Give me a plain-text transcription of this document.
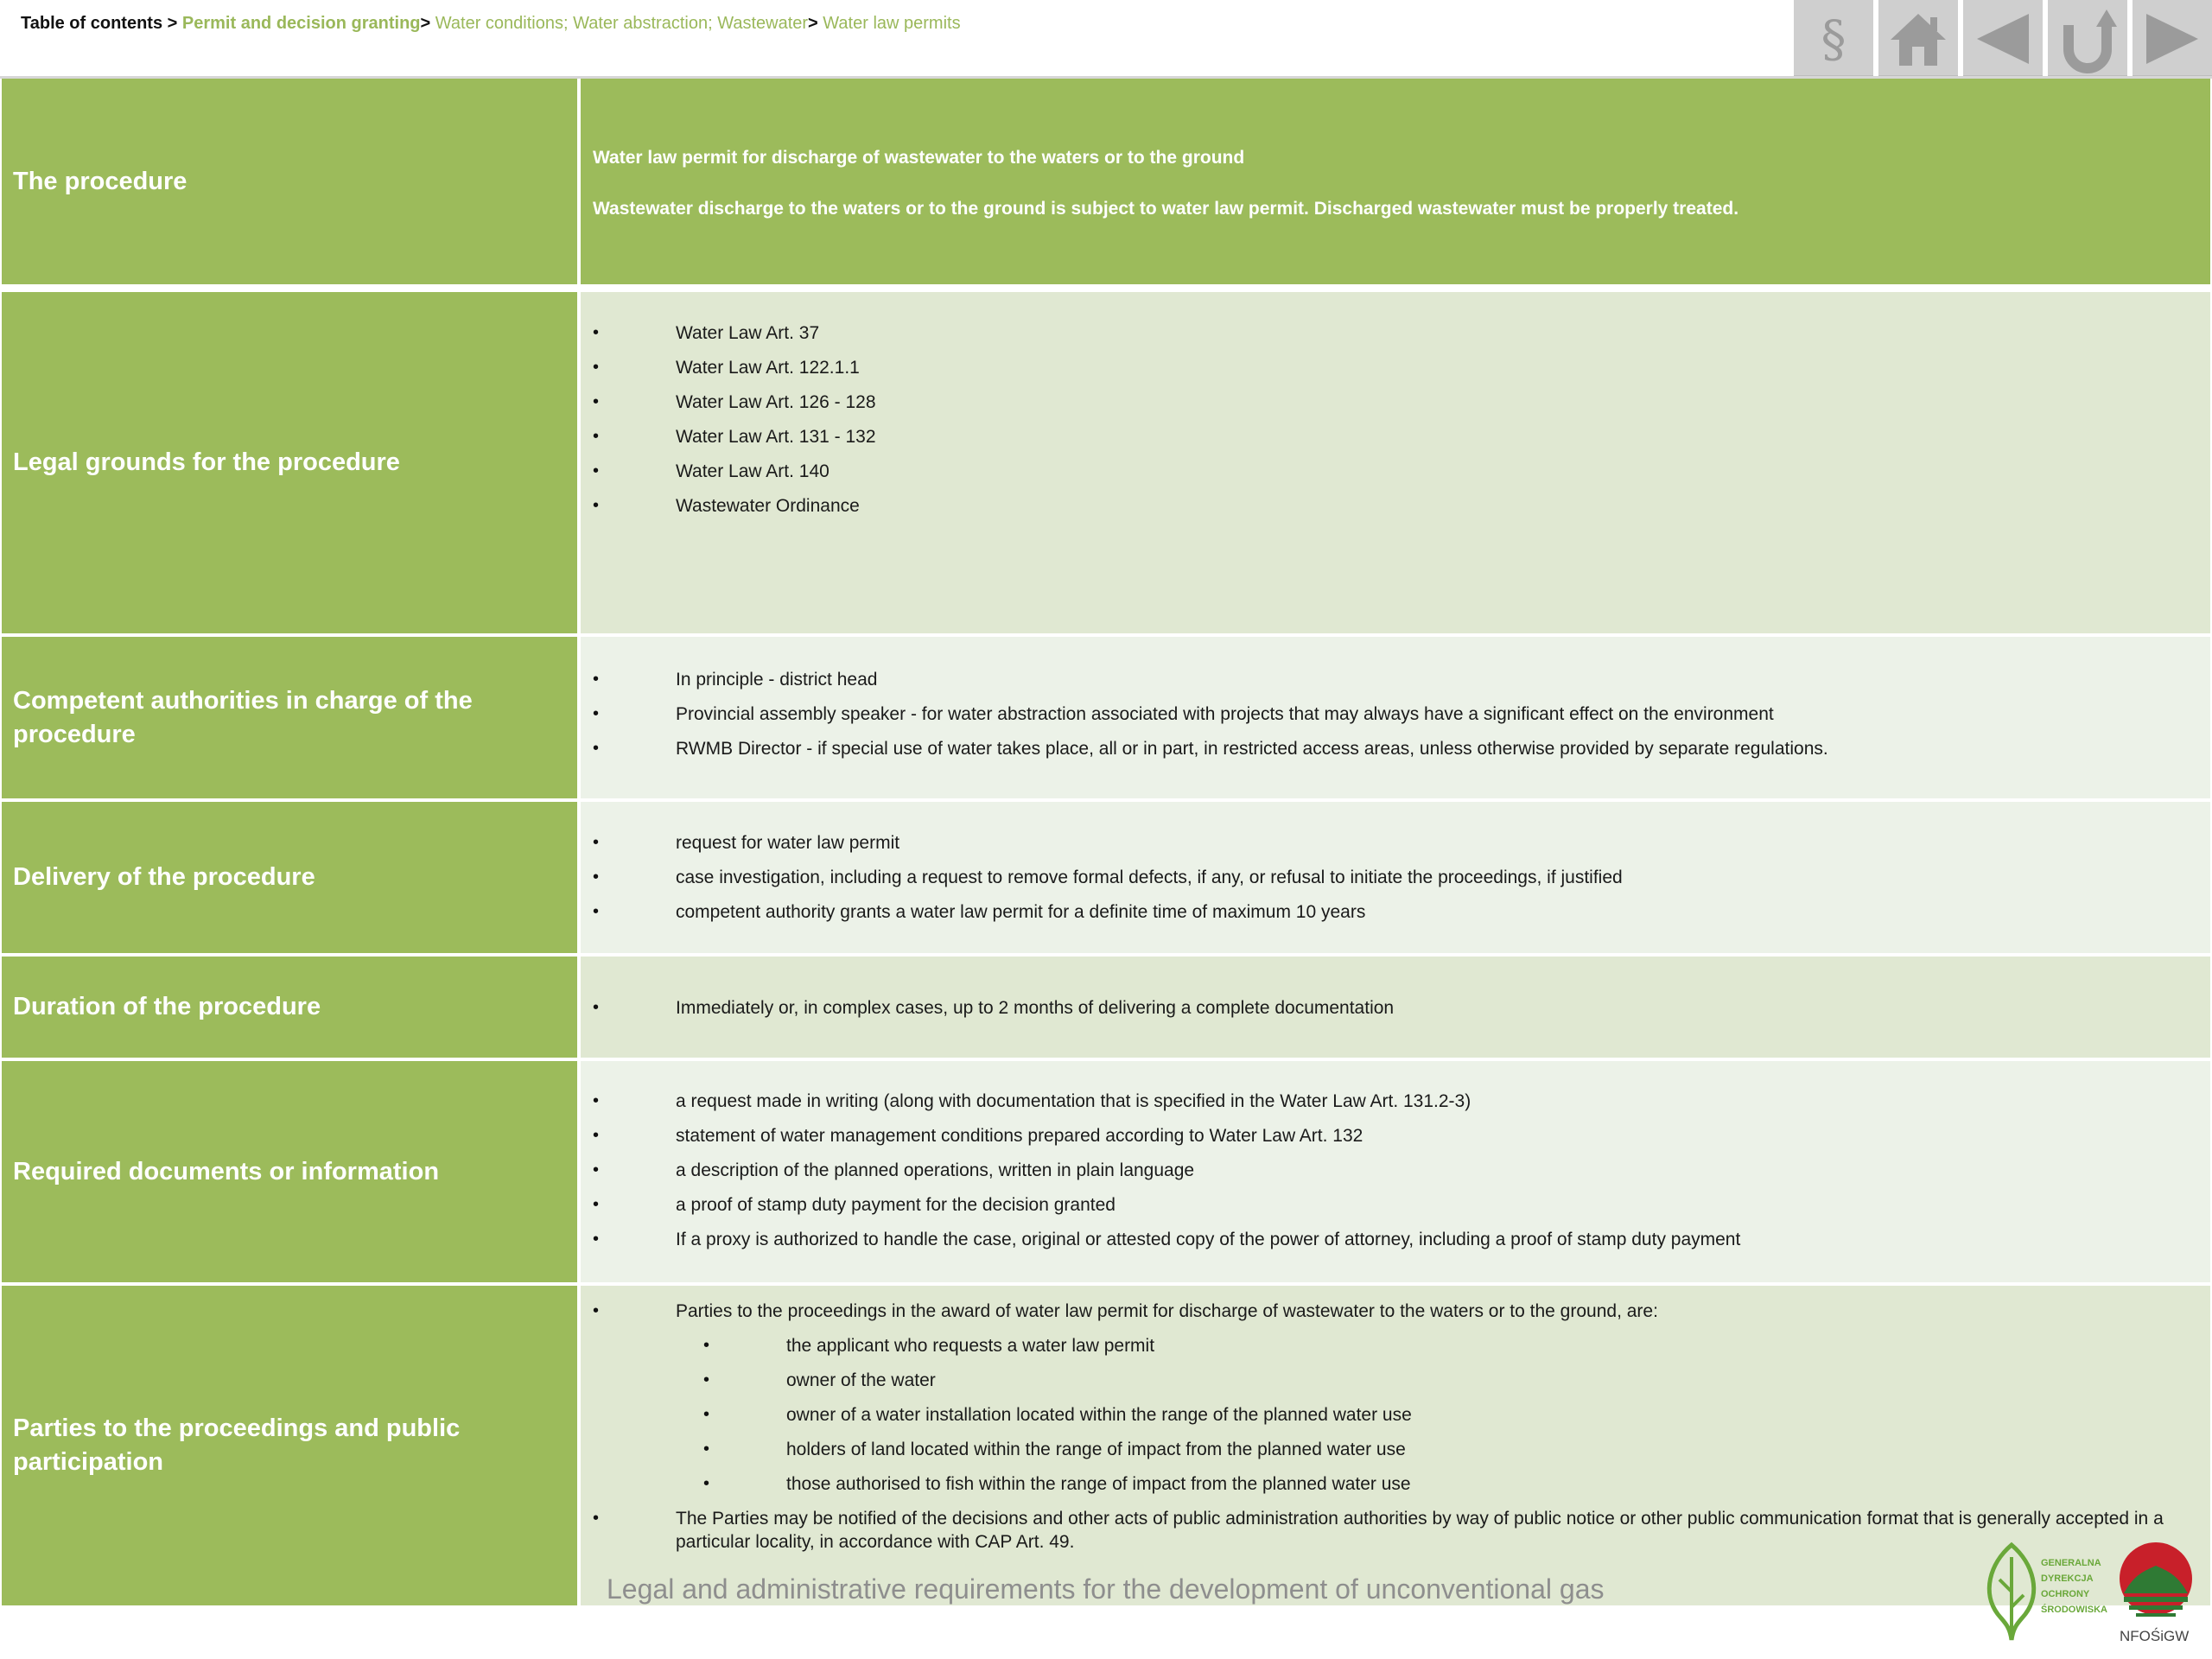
Table of contents > Permit and decision granting> Water conditions; Water abstraction; Wastewater> Water law permits	§
The procedure
Water law permit for discharge of wastewater to the waters or to the ground
Wastewater discharge to the waters or to the ground is subject to water law permit. Discharged wastewater must be properly treated.
Legal grounds for the procedure
• Water Law Art. 37
• Water Law Art. 122.1.1
• Water Law Art. 126 - 128
• Water Law Art. 131 - 132
• Water Law Art. 140
• Wastewater Ordinance
Competent authorities in charge of the procedure
• In principle - district head
• Provincial assembly speaker - for water abstraction associated with projects that may always have a significant effect on the environment
• RWMB Director - if special use of water takes place, all or in part, in restricted access areas, unless otherwise provided by separate regulations.
Delivery of the procedure
• request for water law permit
• case investigation, including a request to remove formal defects, if any, or refusal to initiate the proceedings, if justified
• competent authority grants a water law permit for a definite time of maximum 10 years
Duration of the procedure
•	Immediately or, in complex cases, up to 2 months of delivering a complete documentation
Required documents or information
• a request made in writing (along with documentation that is specified in the Water Law Art. 131.2-3)
• statement of water management conditions prepared according to Water Law Art. 132
• a description of the planned operations, written in plain language
• a proof of stamp duty payment for the decision granted
• If a proxy is authorized to handle the case, original or attested copy of the power of attorney, including a proof of stamp duty payment
Parties to the proceedings and public participation
• Parties to the proceedings in the award of water law permit for discharge of wastewater to the waters or to the ground, are:
• the applicant who requests a water law permit
• owner of the water
• owner of a water installation located within the range of the planned water use
• holders of land located within the range of impact from the planned water use
• those authorised to fish within the range of impact from the planned water use
• The Parties may be notified of the decisions and other acts of public administration authorities by way of public notice or other public communication format that is generally accepted in a particular locality, in accordance with CAP Art. 49.
Legal and administrative requirements for the development of unconventional gas
GENERALNA
DYREKCJA
OCHRONY
ŚRODOWISKA
NFOŚiGW
